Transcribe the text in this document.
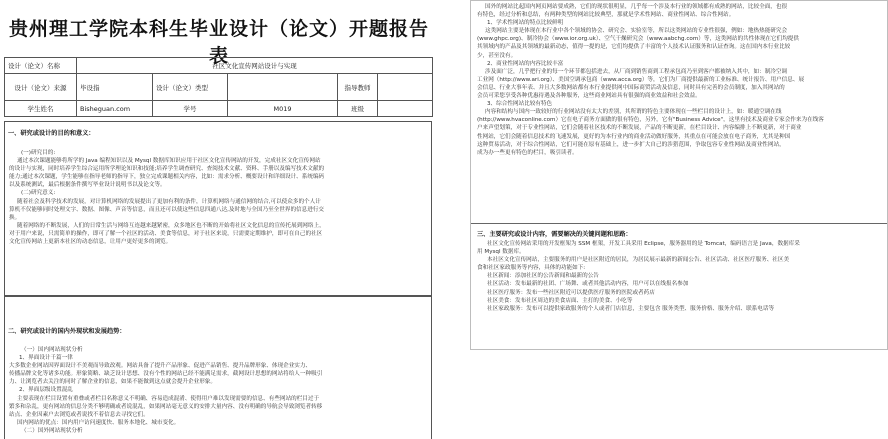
贵州理工学院本科生毕业设计（论文）开题报告表
设计（论文）名称	社区文化宣传网站设计与实现				
设计（论文）来源	毕设指	设计（论文）类型		指导教师	
学生姓名	Bisheguan.com	学号	M019	班级	
一、研究或设计的目的和意义：
(一)研究目的:
通过本次课题能够将所学的 Java 编程知识以及 Mysql 数据库知识应用于社区文化宣传网站的开发，完成社区文化宣传网站
的设计与实现，同时培养学生综合运用所学理论知识和技能;培养学生调查研究、查阅技术文献、资料、手册以及编写技术文献的
能力;通过本次课题，学生能够在指导老师的指导下，独立完成课题相关内容，比如：需求分析、概要设计和详细设计、系统编码
以及系统测试，最后根据条件撰写毕业设计说明书以及论文等。
(二)研究意义:
随着社会及科学技术的发展，对计算机网络的发展提出了更加有利的条件，计算机网络与通信网的结合,可以使众多的个人计
算机不仅能够同时处理文字、数据、图像、声音等信息，而且还可以使这些信息四通八达,及时地与全国乃至全世界的信息进行交
换。
随着网络的不断发展，人们的日常生活与网络互连越来越紧密，众多地区也不断的开始将社区文化信息的宣传托展到网络上，
对于用户来说，只需简单的操作，即可了解一个社区的活动、美食等信息，对于社区来说，只需要定期维护，即可在自己的社区
文化宣传网站上更新本社区的动态信息，让用户更好更多的浏览。
二、研究或设计的国内外现状和发展趋势：
（一）国内网站现状分析
1、界面设计千篇一律
大多数企业网站因界面设计不美观而导致改观。网站具备了提升产品形象、促进产品销售、提升品牌形象、体现企业实力、
传播品牌文化等诸多功能。形象简略、缺乏设计思想、没有个性的网站已经不能满足需求，截网设计思想的网站将给人一种吸引
力、让浏览者去关注的同时了解企业的信息，如果不能做到这点就会提升企业形象。
2、界面层级设置混乱
主要表现在栏目设置有重叠或者栏目名称意义不明确、容易造成混淆、使得用户难以发现需要的信息、有些网站的栏目过于
繁多和杂乱，更有网站的信息分类不够明确或者说混乱，如果网站毫无意义的安排大量内容、没有明确的导航会导致浏览者转移
站点、企业因素户去浏览或者说找不着信息去寻找它们。
国内网站的优点：国内用户访问速度快、服务本地化、城市变化。
（二）国外网站现状分析
国外的网站比起国内网页网站要成熟，它们的现状很明显，几乎每一个涉及本行业的领域都有成熟的网站，比较全面，也很
有特色，经过分析和总结，有两种类型的网站比较典型，那就是学术性网站、商业性网站、综合性网站。
1、学术性网站的特点比较鲜明
这类网站主要是体现在本行业中各个领域的协会、研究会、实验室等，所以这类网站的专业性很强，例如：地热热能研究会
(www.ghpc.org)、制冷协会（www.ior.org.uk）、空气干燥研究会（www.aabchg.com）等，这类网站的共性体现在它们均提供
其领域内的产品及其领域的最新动态，值得一提的是，它们均提供了丰富的个人技术认证服务和认证查询。这在国内本行业比较
少，甚至没有。
2、商业性网站的内容比较丰富
涉及面广泛，几乎把行业的每一个环节都包括进去，从厂商到销售商到工程承包商乃至到客户都被纳入其中，如：制冷空调
工业网（http://www.ari.org）、美国空调承包商（www.acca.org）等，它们为厂商提供最新的工业标准、统计报告、用户信息、展
会信息、行业大事年表、并且大多数网站都有本行业提供网中国际商贸活动及信息，同时具有完善的会员制度，加入其网站的
会员可采您享受各种优惠待遇及各种服务，这些商业网站具有很强的商业效益和社会效益。
3、综合性网站比较有特色
内容和结构与国内一致较好的行业网站没有太大的差别，其所谓的特色主要体现在一些栏目的设计上，如：暖通空调在线
(http://www.hvaconline.com）它在电子商务方面做的很有特色，另外，它有"Business Advice"，这里有技术及商业专家会作来为在线客
户来声望划策，对于专业性网站，它们会随着社区技术的不断发展，产品的不断更新，在栏目设计、内容编排上不断更新，对于商业
性网站，它们会随着信息技术的飞速发展，更好的为本行业内的商业活动做好服务，其重点在可能会放在电子商务，尤其是种国
这种贸易活动，对于综合性网站，它们可能在原有基础上，进一步扩大自己的涉猎范围，争取包容专业性网站及商业性网站，
成为办一些更有特色的栏目，吸引读者。
三、主要研究或设计内容，需要解决的关键问题和思路：
社区文化宣传网站采用的开发框架为 SSM 框架，开发工具采用 Eclipse，服务器用的是 Tomcat，编码语言是 Java，数据库采
用 Mysql 数据库。
本社区文化宣传网站，主要服务的用户是社区附近的居民，为居民展示最新的新闻公告、社区活动、社区医疗服务、社区美
食和社区家政服务等内容，具体的功能如下:
社区新闻：添加社区的公告新闻和最新的公告
社区活动：发布最新的社团、广场舞、或者其他活动内容，用户可以在线报名参加
社区医疗服务：发布一些社区附近可以提供医疗服务的医院或者药店
社区美食：发布社区周边的美食店面、主打的美食、小吃等
社区家政服务：发布可以提供家政服务的个人或者门店信息，主要包含 服务类型、服务价格、服务介绍、联系电话等
